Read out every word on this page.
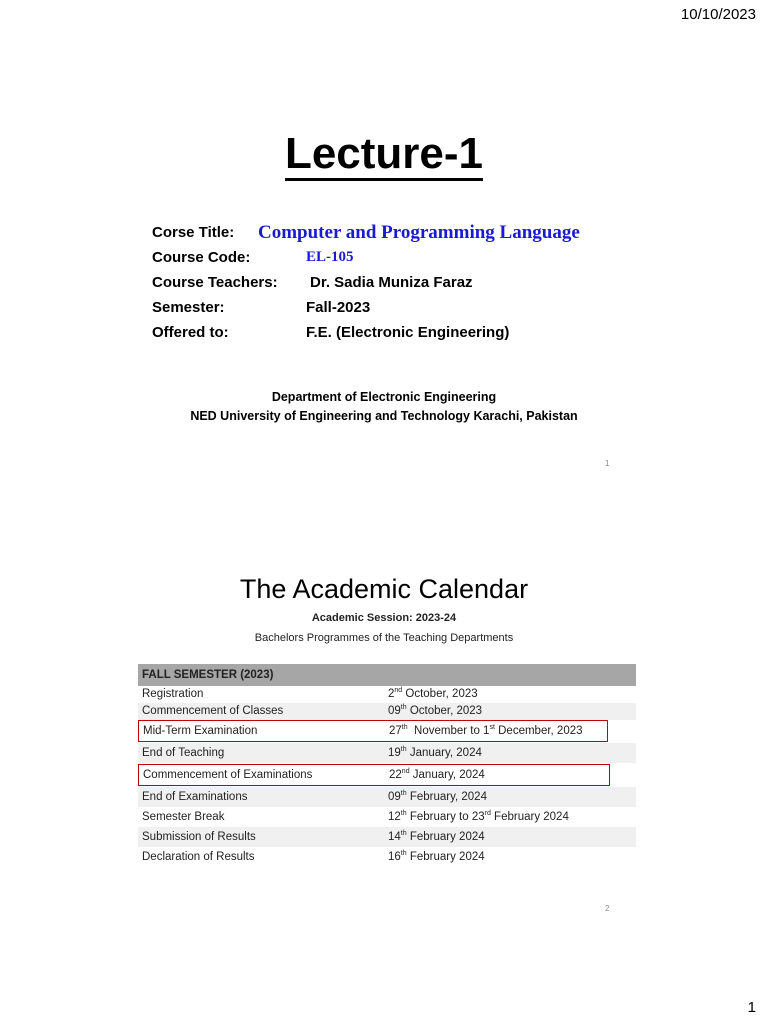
10/10/2023
Lecture-1
Corse Title: Computer and Programming Language
Course Code:	EL-105
Course Teachers: Dr. Sadia Muniza Faraz
Semester:	Fall-2023
Offered to:	F.E. (Electronic Engineering)
Department of Electronic Engineering
NED University of Engineering and Technology Karachi, Pakistan
1
The Academic Calendar
Academic Session: 2023-24
Bachelors Programmes of the Teaching Departments
FALL SEMESTER (2023)
Registration	2nd October, 2023
Commencement of Classes	09th October, 2023
Mid-Term Examination	27th  November to 1st December, 2023
End of Teaching	19th January, 2024
Commencement of Examinations	22nd January, 2024
End of Examinations	09th February, 2024
Semester Break	12th February to 23rd February 2024
Submission of Results	14th February 2024
Declaration of Results	16th February 2024
2
1
